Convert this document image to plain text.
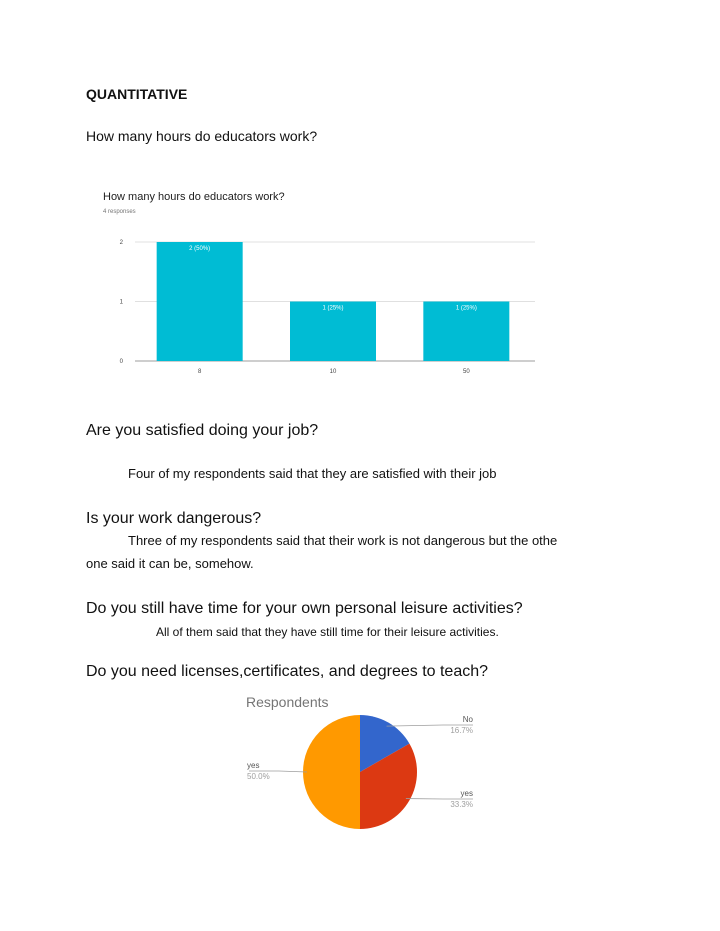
QUANTITATIVE
How many hours do educators work?
How many hours do educators work?
4 responses
0
1
2
2 (50%)
1 (25%)	1 (25%)
8	10	50
Are you satisfied doing your job?
Four of my respondents said that they are satisfied with their job
Is your work dangerous?
Three of my respondents said that their work is not dangerous but the othe
one said it can be, somehow.
Do you still have time for your own personal leisure activities?
All of them said that they have still time for their leisure activities.
Do you need licenses,certificates, and degrees to teach?
Respondents
No
16.7%
yes
33.3%
yes
50.0%
